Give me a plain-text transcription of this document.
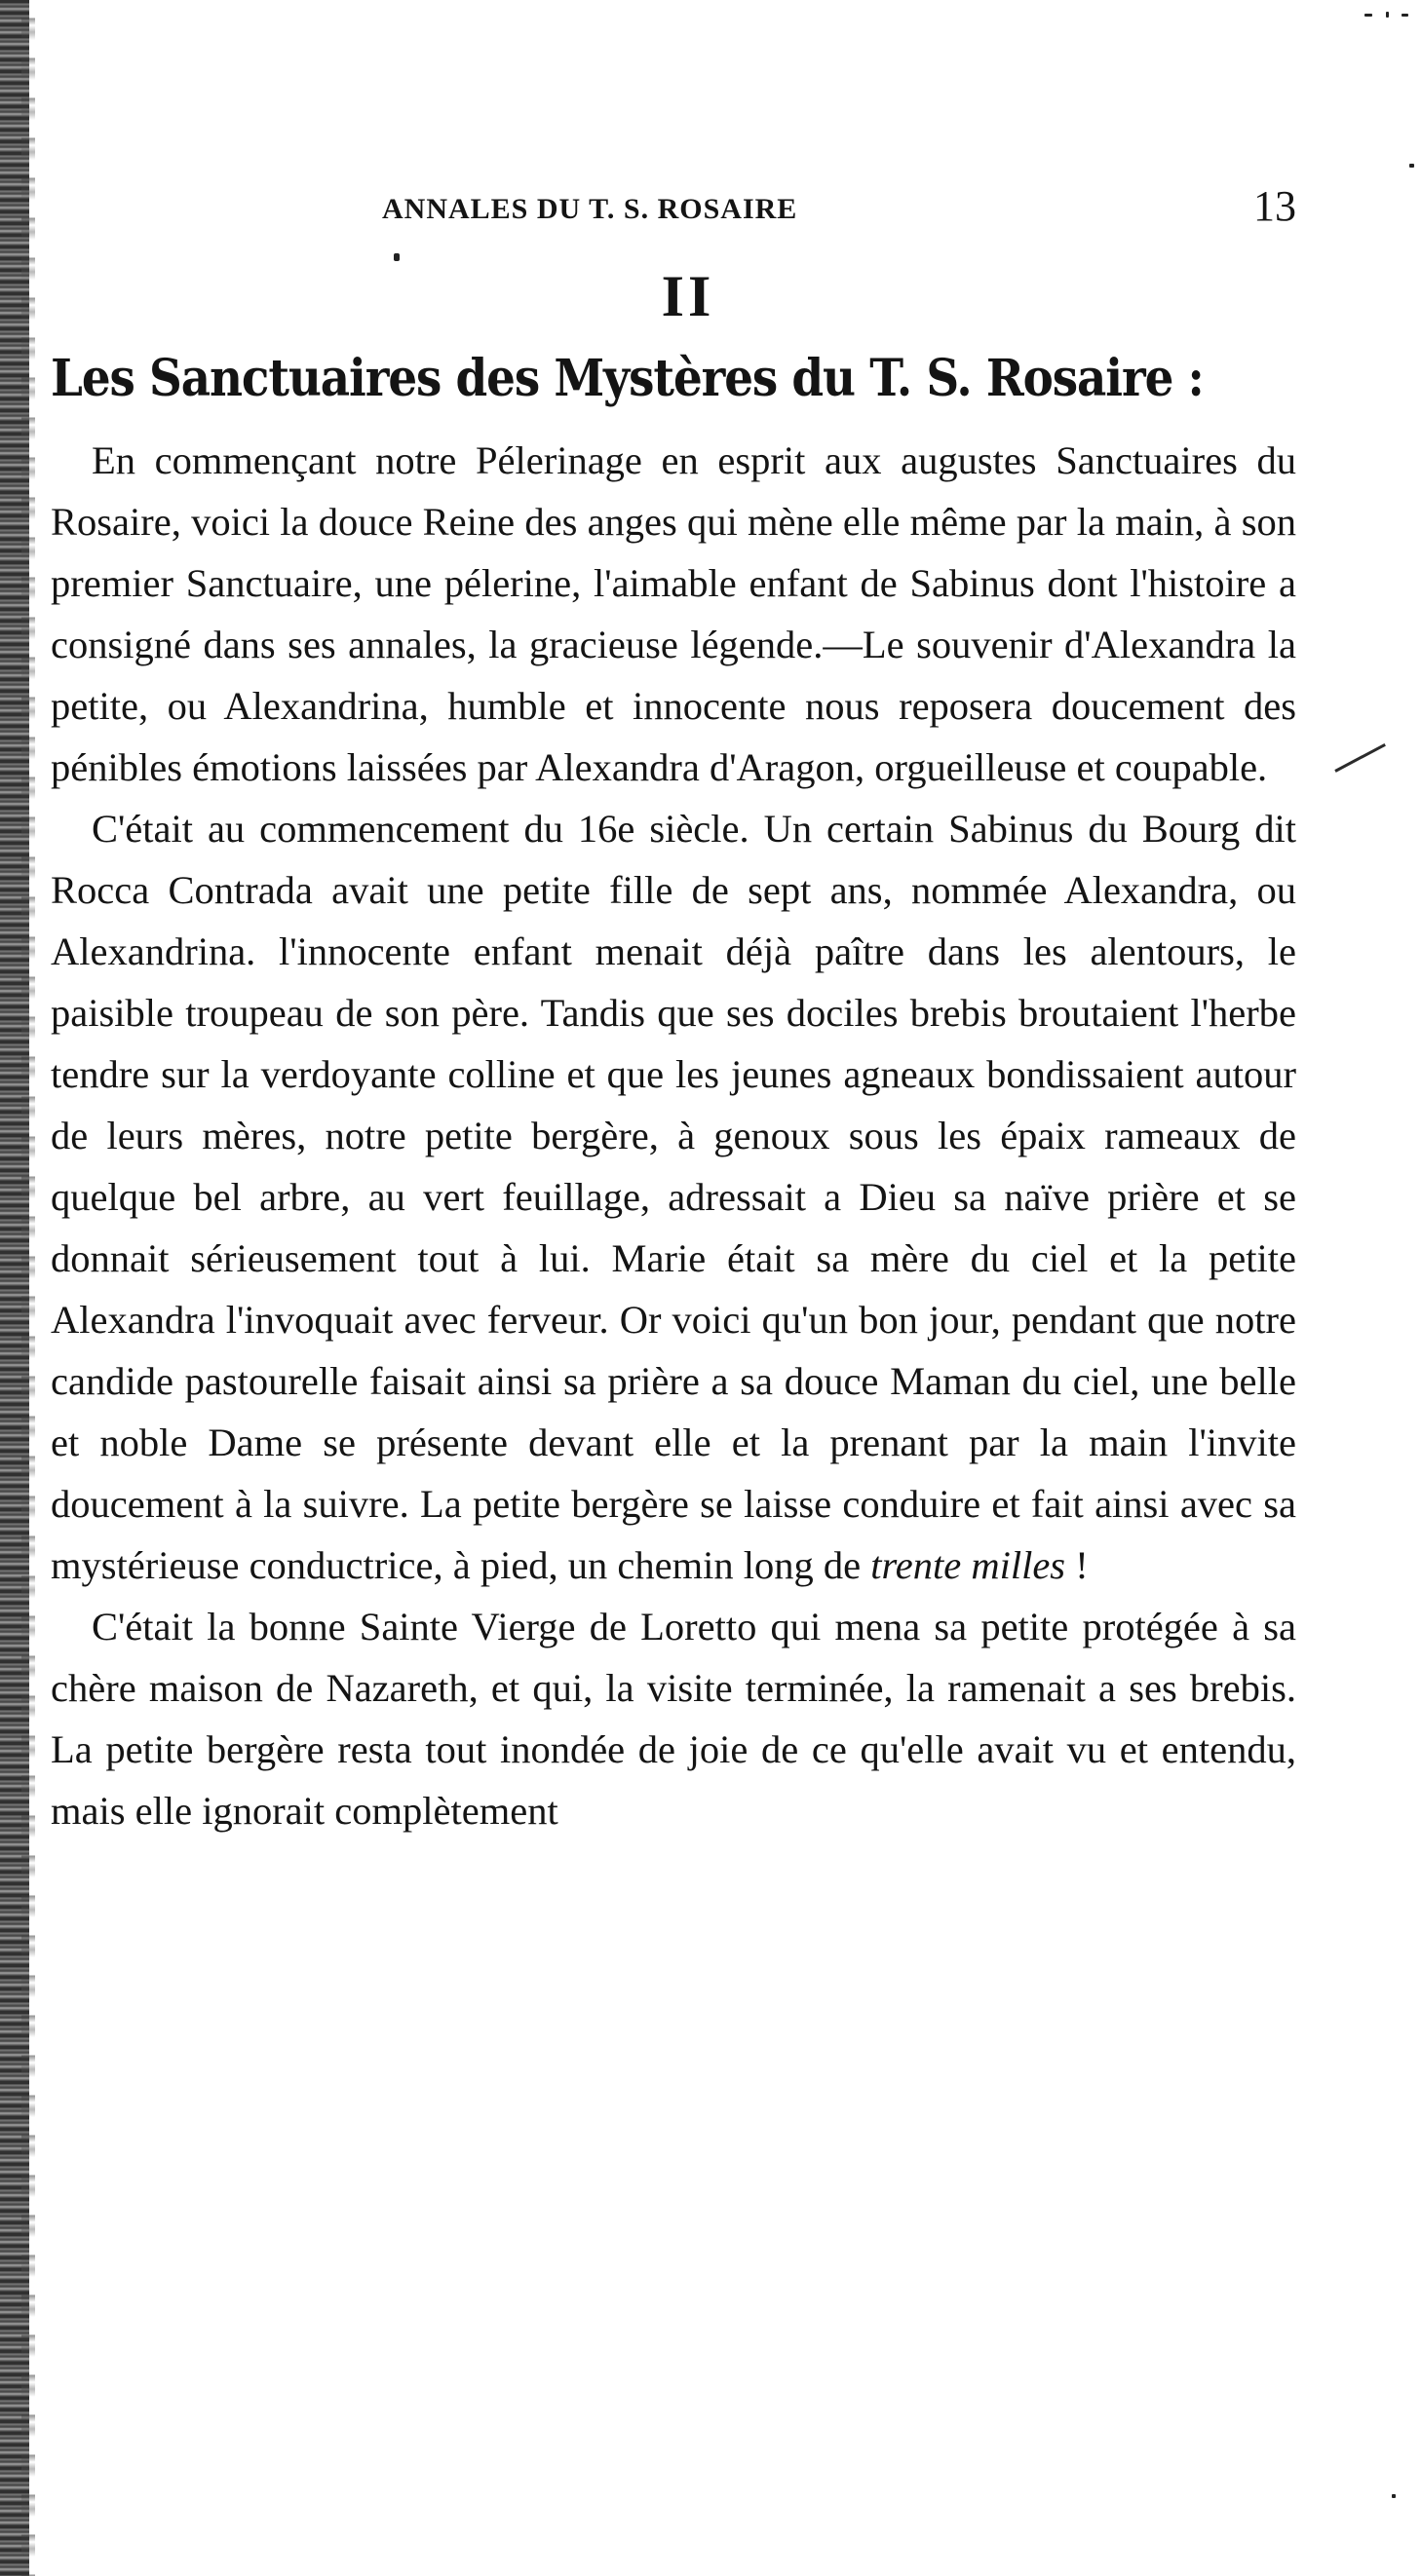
ANNALES DU T. S. ROSAIRE	13
II
Les Sanctuaires des Mystères du T. S. Rosaire :

En commençant notre Pélerinage en esprit aux augustes Sanctuaires du Rosaire, voici la douce Reine des anges qui mène elle même par la main, à son premier Sanctuaire, une pélerine, l'aimable enfant de Sabinus dont l'histoire a consigné dans ses annales, la gracieuse légende.—Le souvenir d'Alexandra la petite, ou Alexandrina, humble et innocente nous reposera doucement des pénibles émotions laissées par Alexandra d'Aragon, orgueilleuse et coupable.

C'était au commencement du 16e siècle. Un certain Sabinus du Bourg dit Rocca Contrada avait une petite fille de sept ans, nommée Alexandra, ou Alexandrina. l'innocente enfant menait déjà paître dans les alentours, le paisible troupeau de son père. Tandis que ses dociles brebis broutaient l'herbe tendre sur la verdoyante colline et que les jeunes agneaux bondissaient autour de leurs mères, notre petite bergère, à genoux sous les épaix rameaux de quelque bel arbre, au vert feuillage, adressait a Dieu sa naïve prière et se donnait sérieusement tout à lui. Marie était sa mère du ciel et la petite Alexandra l'invoquait avec ferveur. Or voici qu'un bon jour, pendant que notre candide pastourelle faisait ainsi sa prière a sa douce Maman du ciel, une belle et noble Dame se présente devant elle et la prenant par la main l'invite doucement à la suivre. La petite bergère se laisse conduire et fait ainsi avec sa mystérieuse conductrice, à pied, un chemin long de trente milles !

C'était la bonne Sainte Vierge de Loretto qui mena sa petite protégée à sa chère maison de Nazareth, et qui, la visite terminée, la ramenait a ses brebis. La petite bergère resta tout inondée de joie de ce qu'elle avait vu et entendu, mais elle ignorait complètement
